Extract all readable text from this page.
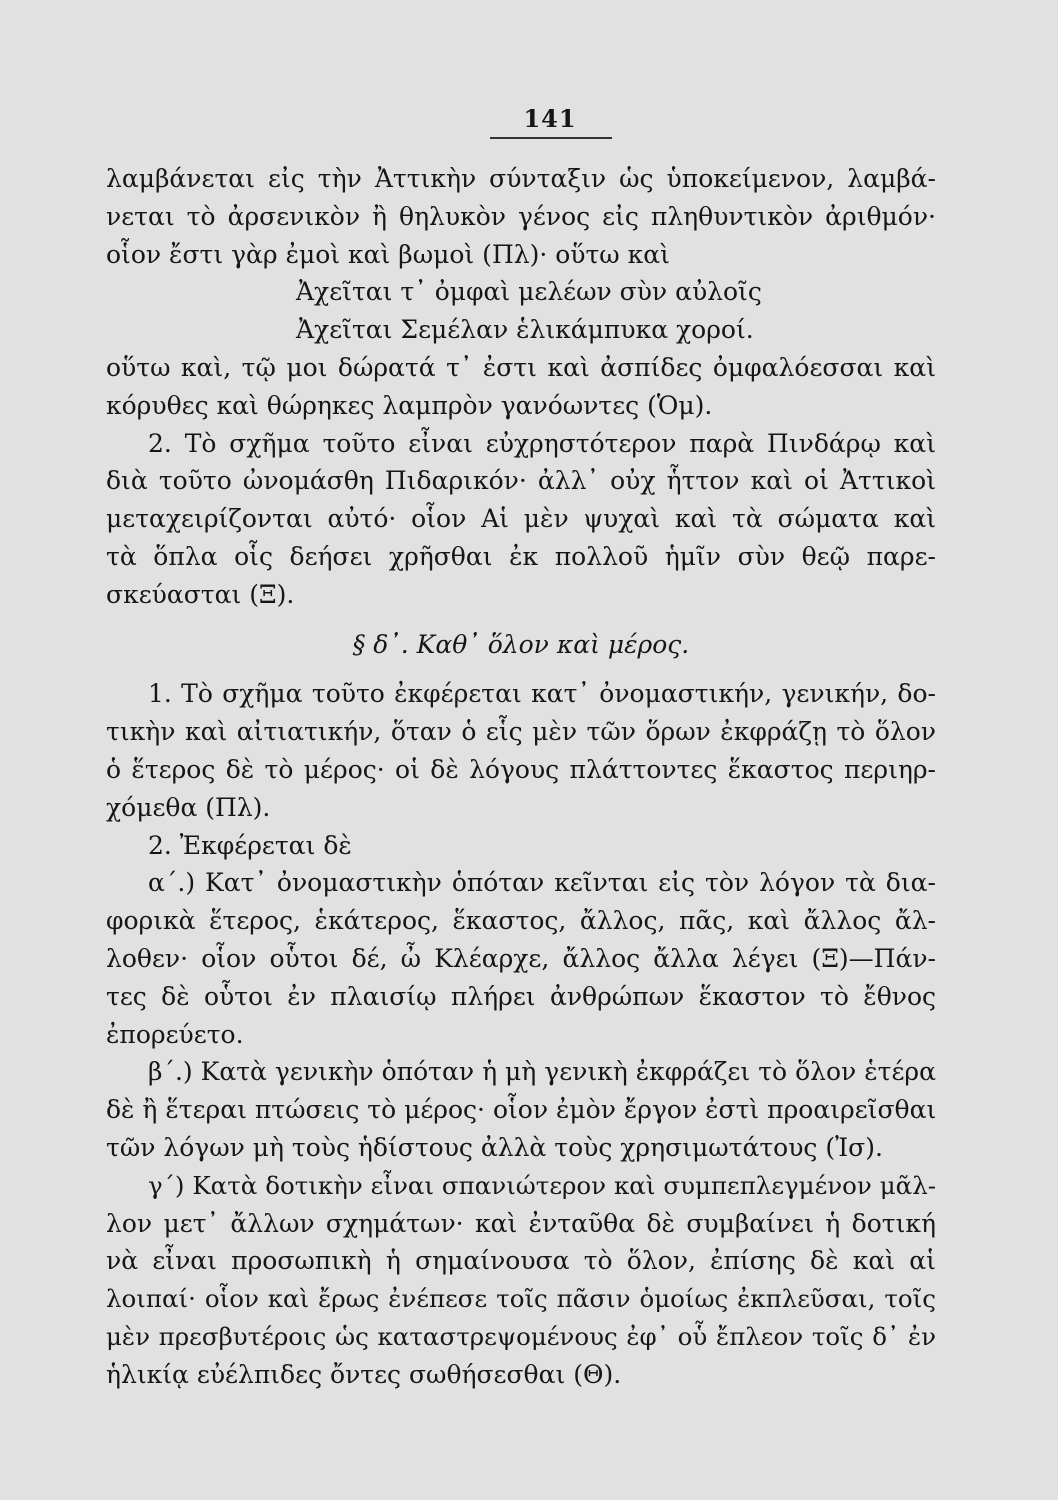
141
λαμβάνεται εἰς τὴν Ἀττικὴν σύνταξιν ὡς ὑποκείμενον, λαμβά-
νεται τὸ ἀρσενικὸν ἢ θηλυκὸν γένος εἰς πληθυντικὸν ἀριθμόν·
οἷον ἔστι γὰρ ἐμοὶ καὶ βωμοὶ (Πλ)· οὕτω καὶ
Ἀχεῖται τ᾽ ὀμφαὶ μελέων σὺν αὐλοῖς
Ἀχεῖται Σεμέλαν ἑλικάμπυκα χοροί.
οὕτω καὶ, τῷ μοι δώρατά τ᾽ ἐστι καὶ ἀσπίδες ὀμφαλόεσσαι καὶ
κόρυθες καὶ θώρηκες λαμπρὸν γανόωντες (Ὁμ).
2. Τὸ σχῆμα τοῦτο εἶναι εὐχρηστότερον παρὰ Πινδάρῳ καὶ
διὰ τοῦτο ὠνομάσθη Πιδαρικόν· ἀλλ᾽ οὐχ ἧττον καὶ οἱ Ἀττικοὶ
μεταχειρίζονται αὐτό· οἷον Αἱ μὲν ψυχαὶ καὶ τὰ σώματα καὶ
τὰ ὅπλα οἷς δεήσει χρῆσθαι ἐκ πολλοῦ ἡμῖν σὺν θεῷ παρε-
σκεύασται (Ξ).
§ δ᾽. Καθ᾽ ὅλον καὶ μέρος.
1. Τὸ σχῆμα τοῦτο ἐκφέρεται κατ᾽ ὀνομαστικήν, γενικήν, δο-
τικὴν καὶ αἰτιατικήν, ὅταν ὁ εἷς μὲν τῶν ὅρων ἐκφράζῃ τὸ ὅλον
ὁ ἕτερος δὲ τὸ μέρος· οἱ δὲ λόγους πλάττοντες ἕκαστος περιηρ-
χόμεθα (Πλ).
2. Ἐκφέρεται δὲ
α΄.) Κατ᾽ ὀνομαστικὴν ὁπόταν κεῖνται εἰς τὸν λόγον τὰ δια-
φορικὰ ἕτερος, ἑκάτερος, ἕκαστος, ἄλλος, πᾶς, καὶ ἄλλος ἄλ-
λοθεν· οἷον οὗτοι δέ, ὦ Κλέαρχε, ἄλλος ἄλλα λέγει (Ξ)—Πάν-
τες δὲ οὗτοι ἐν πλαισίῳ πλήρει ἀνθρώπων ἕκαστον τὸ ἔθνος
ἐπορεύετο.
β΄.) Κατὰ γενικὴν ὁπόταν ἡ μὴ γενικὴ ἐκφράζει τὸ ὅλον ἑτέρα
δὲ ἢ ἕτεραι πτώσεις τὸ μέρος· οἷον ἐμὸν ἔργον ἐστὶ προαιρεῖσθαι
τῶν λόγων μὴ τοὺς ἡδίστους ἀλλὰ τοὺς χρησιμωτάτους (Ἰσ).
γ΄) Κατὰ δοτικὴν εἶναι σπανιώτερον καὶ συμπεπλεγμένον μᾶλ-
λον μετ᾽ ἄλλων σχημάτων· καὶ ἐνταῦθα δὲ συμβαίνει ἡ δοτική
νὰ εἶναι προσωπικὴ ἡ σημαίνουσα τὸ ὅλον, ἐπίσης δὲ καὶ αἱ
λοιπαί· οἷον καὶ ἔρως ἐνέπεσε τοῖς πᾶσιν ὁμοίως ἐκπλεῦσαι, τοῖς
μὲν πρεσβυτέροις ὡς καταστρεψομένους ἐφ᾽ οὗ ἔπλεον τοῖς δ᾽ ἐν
ἡλικίᾳ εὐέλπιδες ὄντες σωθήσεσθαι (Θ).
